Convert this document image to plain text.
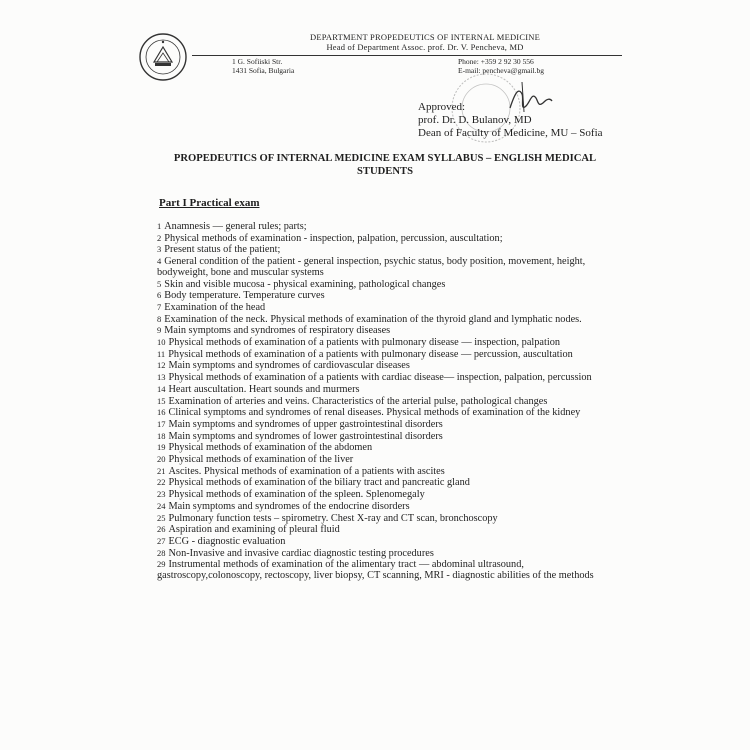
DEPARTMENT PROPEDEUTICS OF INTERNAL MEDICINE
Head of Department Assoc. prof. Dr. V. Pencheva, MD
1 G. Sofiiski Str.
1431 Sofia, Bulgaria
Phone: +359 2 92 30 556
E-mail: pencheva@gmail.bg
Approved:
prof. Dr. D. Bulanov, MD
Dean of Faculty of Medicine, MU – Sofia
PROPEDEUTICS OF INTERNAL MEDICINE EXAM SYLLABUS – ENGLISH MEDICAL STUDENTS
Part I Practical exam
1 Anamnesis — general rules; parts;
2 Physical methods of examination - inspection, palpation, percussion, auscultation;
3 Present status of the patient;
4 General condition of the patient - general inspection, psychic status, body position, movement, height, bodyweight, bone and muscular systems
5 Skin and visible mucosa - physical examining, pathological changes
6 Body temperature. Temperature curves
7 Examination of the head
8 Examination of the neck. Physical methods of examination of the thyroid gland and lymphatic nodes.
9 Main symptoms and syndromes of respiratory diseases
10 Physical methods of examination of a patients with pulmonary disease — inspection, palpation
11 Physical methods of examination of a patients with pulmonary disease — percussion, auscultation
12 Main symptoms and syndromes of cardiovascular diseases
13 Physical methods of examination of a patients with cardiac disease— inspection, palpation, percussion
14 Heart auscultation. Heart sounds and murmers
15 Examination of arteries and veins. Characteristics of the arterial pulse, pathological changes
16 Clinical symptoms and syndromes of renal diseases. Physical methods of examination of the kidney
17 Main symptoms and syndromes of upper gastrointestinal disorders
18 Main symptoms and syndromes of lower gastrointestinal disorders
19 Physical methods of examination of the abdomen
20 Physical methods of examination of the liver
21 Ascites. Physical methods of examination of a patients with ascites
22 Physical methods of examination of the biliary tract and pancreatic gland
23 Physical methods of examination of the spleen. Splenomegaly
24 Main symptoms and syndromes of the endocrine disorders
25 Pulmonary function tests – spirometry. Chest X-ray and CT scan, bronchoscopy
26 Aspiration and examining of pleural fluid
27 ECG - diagnostic evaluation
28 Non-Invasive and invasive cardiac diagnostic testing procedures
29 Instrumental methods of examination of the alimentary tract — abdominal ultrasound, gastroscopy,colonoscopy, rectoscopy, liver biopsy, CT scanning, MRI - diagnostic abilities of the methods
